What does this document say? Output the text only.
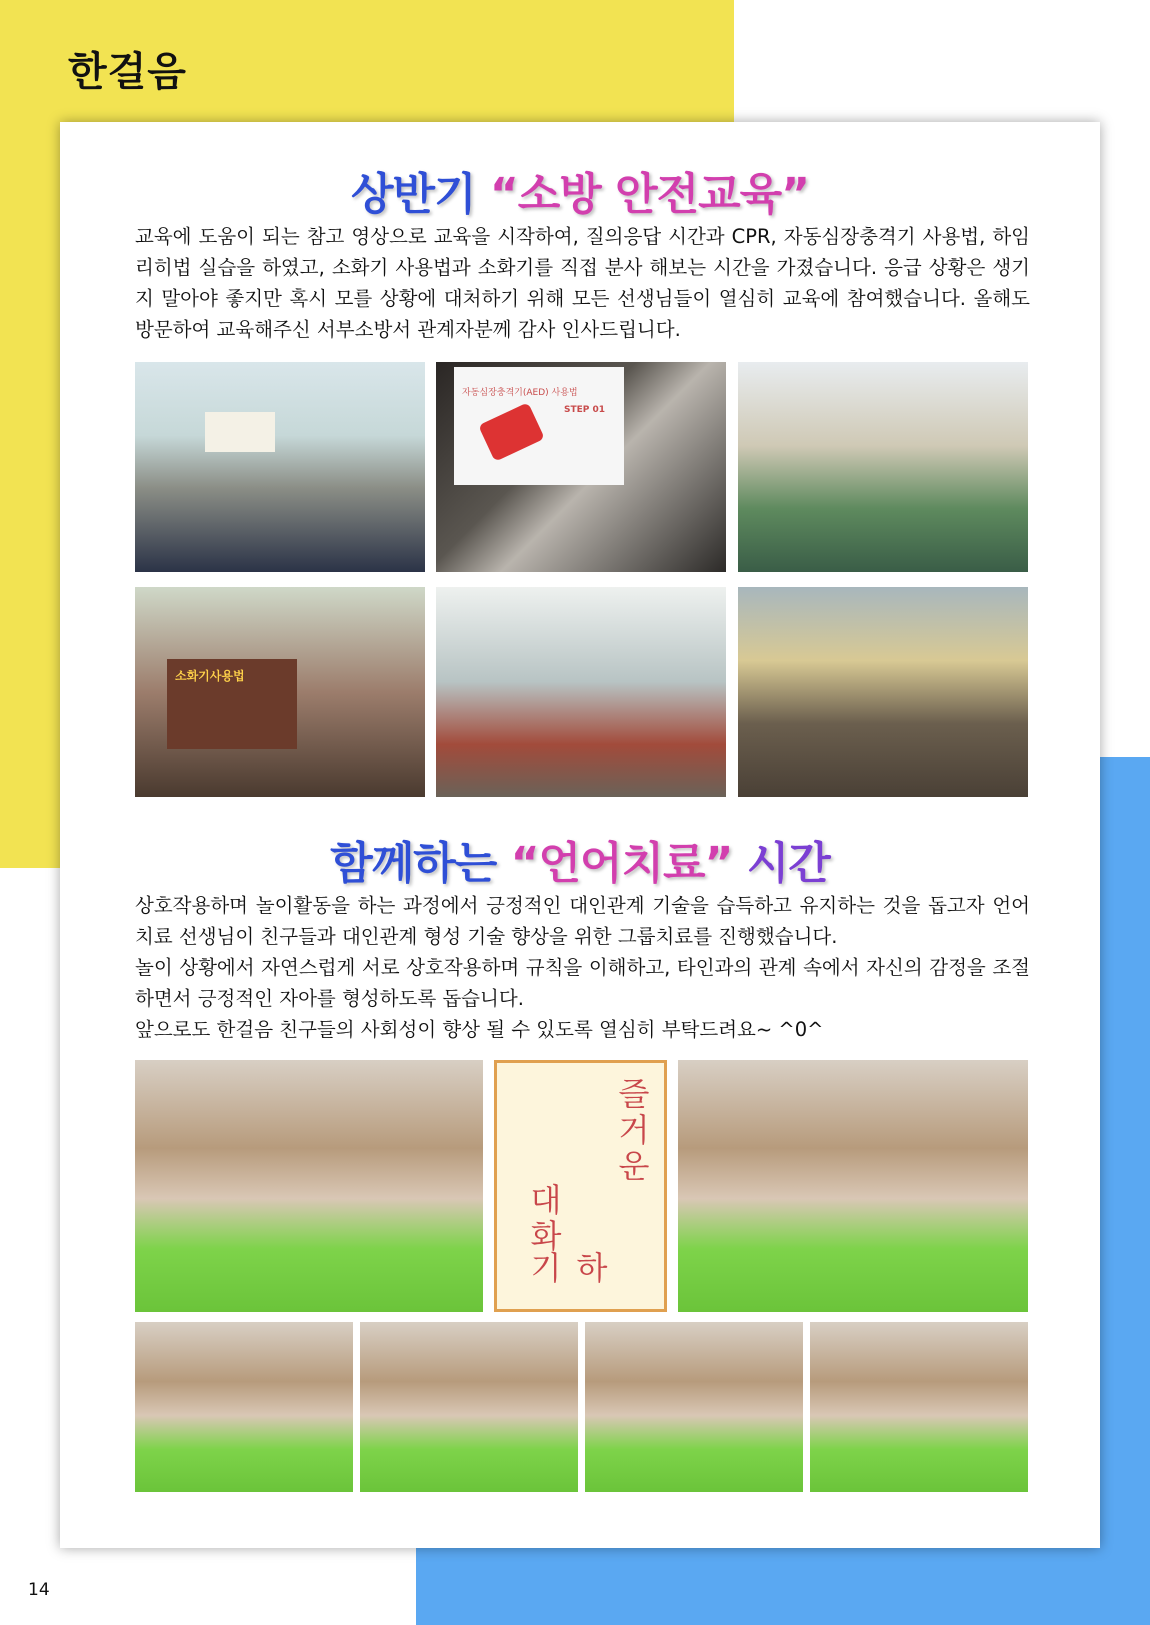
한걸음
상반기 “소방 안전교육”

교육에 도움이 되는 참고 영상으로 교육을 시작하여, 질의응답 시간과 CPR, 자동심장충격기 사용법, 하임리히법 실습을 하였고, 소화기 사용법과 소화기를 직접 분사 해보는 시간을 가졌습니다. 응급 상황은 생기지 말아야 좋지만 혹시 모를 상황에 대처하기 위해 모든 선생님들이 열심히 교육에 참여했습니다. 올해도 방문하여 교육해주신 서부소방서 관계자분께 감사 인사드립니다.

자동심장충격기(AED) 사용법
STEP 01
소화기사용법
함께하는 “언어치료” 시간

상호작용하며 놀이활동을 하는 과정에서 긍정적인 대인관계 기술을 습득하고 유지하는 것을 돕고자 언어치료 선생님이 친구들과 대인관계 형성 기술 향상을 위한 그룹치료를 진행했습니다.

놀이 상황에서 자연스럽게 서로 상호작용하며 규칙을 이해하고, 타인과의 관계 속에서 자신의 감정을 조절하면서 긍정적인 자아를 형성하도록 돕습니다.

앞으로도 한걸음 친구들의 사회성이 향상 될 수 있도록 열심히 부탁드려요~ ^0^

즐거운
대화
하기
14
